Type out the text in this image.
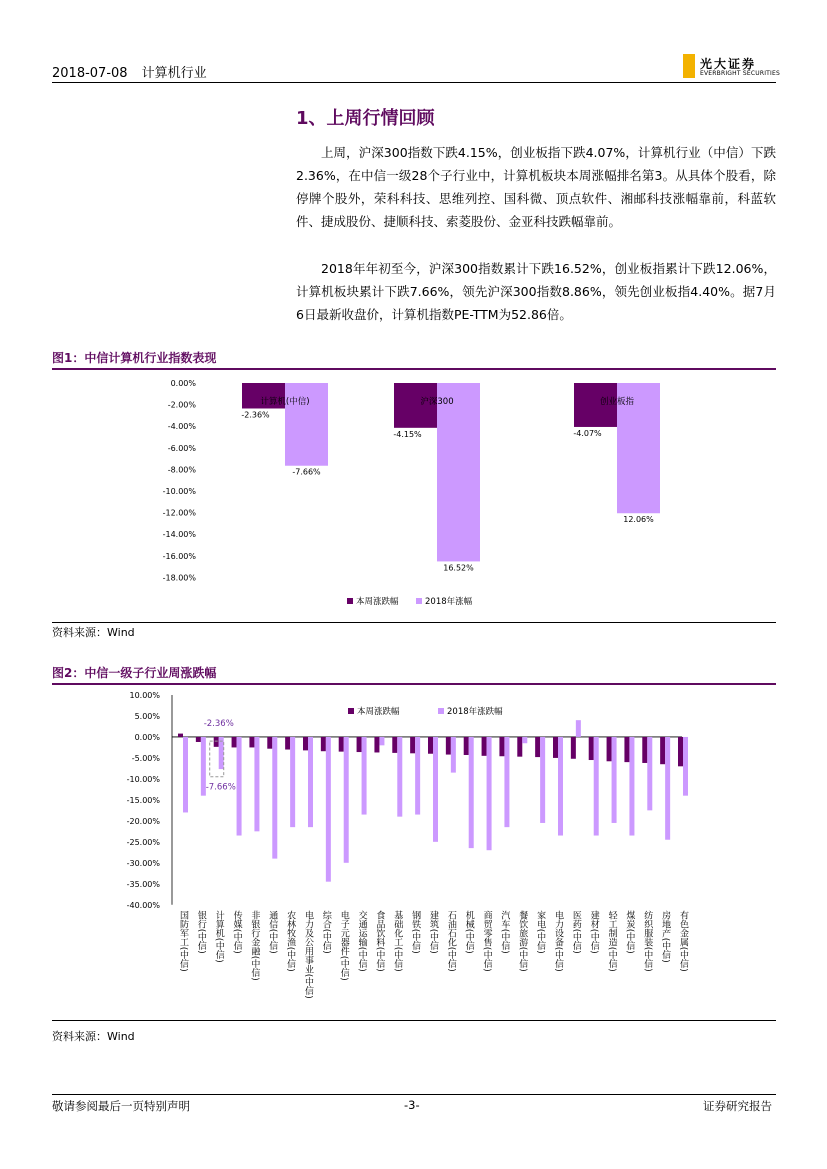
2018-07-08 计算机行业
光大证券
EVERBRIGHT SECURITIES
1、上周行情回顾
上周，沪深300指数下跌4.15%，创业板指下跌4.07%，计算机行业（中信）下跌2.36%，在中信一级28个子行业中，计算机板块本周涨幅排名第3。从具体个股看，除停牌个股外，荣科科技、思维列控、国科微、顶点软件、湘邮科技涨幅靠前，科蓝软件、捷成股份、捷顺科技、索菱股份、金亚科技跌幅靠前。
2018年年初至今，沪深300指数累计下跌16.52%，创业板指累计下跌12.06%，计算机板块累计下跌7.66%，领先沪深300指数8.86%，领先创业板指4.40%。据7月6日最新收盘价，计算机指数PE-TTM为52.86倍。
图1：中信计算机行业指数表现
0.00%
-2.00%
-4.00%
-6.00%
-8.00%
-10.00%
-12.00%
-14.00%
-16.00%
-18.00%
-2.36%
-7.66%
计算机(中信)
-4.15%
16.52%
沪深300
-4.07%
12.06%
创业板指
本周涨跌幅	2018年涨幅
资料来源：Wind
图2：中信一级子行业周涨跌幅
10.00%
5.00%
0.00%
-5.00%
-10.00%
-15.00%
-20.00%
-25.00%
-30.00%
-35.00%
-40.00%
国防军工(中信) 银行(中信) 计算机(中信) 传媒(中信) 非银行金融(中信) 通信(中信) 农林牧渔(中信) 电力及公用事业(中信) 综合(中信) 电子元器件(中信) 交通运输(中信) 食品饮料(中信) 基础化工(中信) 钢铁(中信) 建筑(中信) 石油石化(中信) 机械(中信) 商贸零售(中信) 汽车(中信) 餐饮旅游(中信) 家电(中信) 电力设备(中信) 医药(中信) 建材(中信) 轻工制造(中信) 煤炭(中信) 纺织服装(中信) 房地产(中信) 有色金属(中信)
-2.36%
-7.66%
本周涨跌幅	2018年涨跌幅
资料来源：Wind
敬请参阅最后一页特别声明	-3-	证券研究报告
